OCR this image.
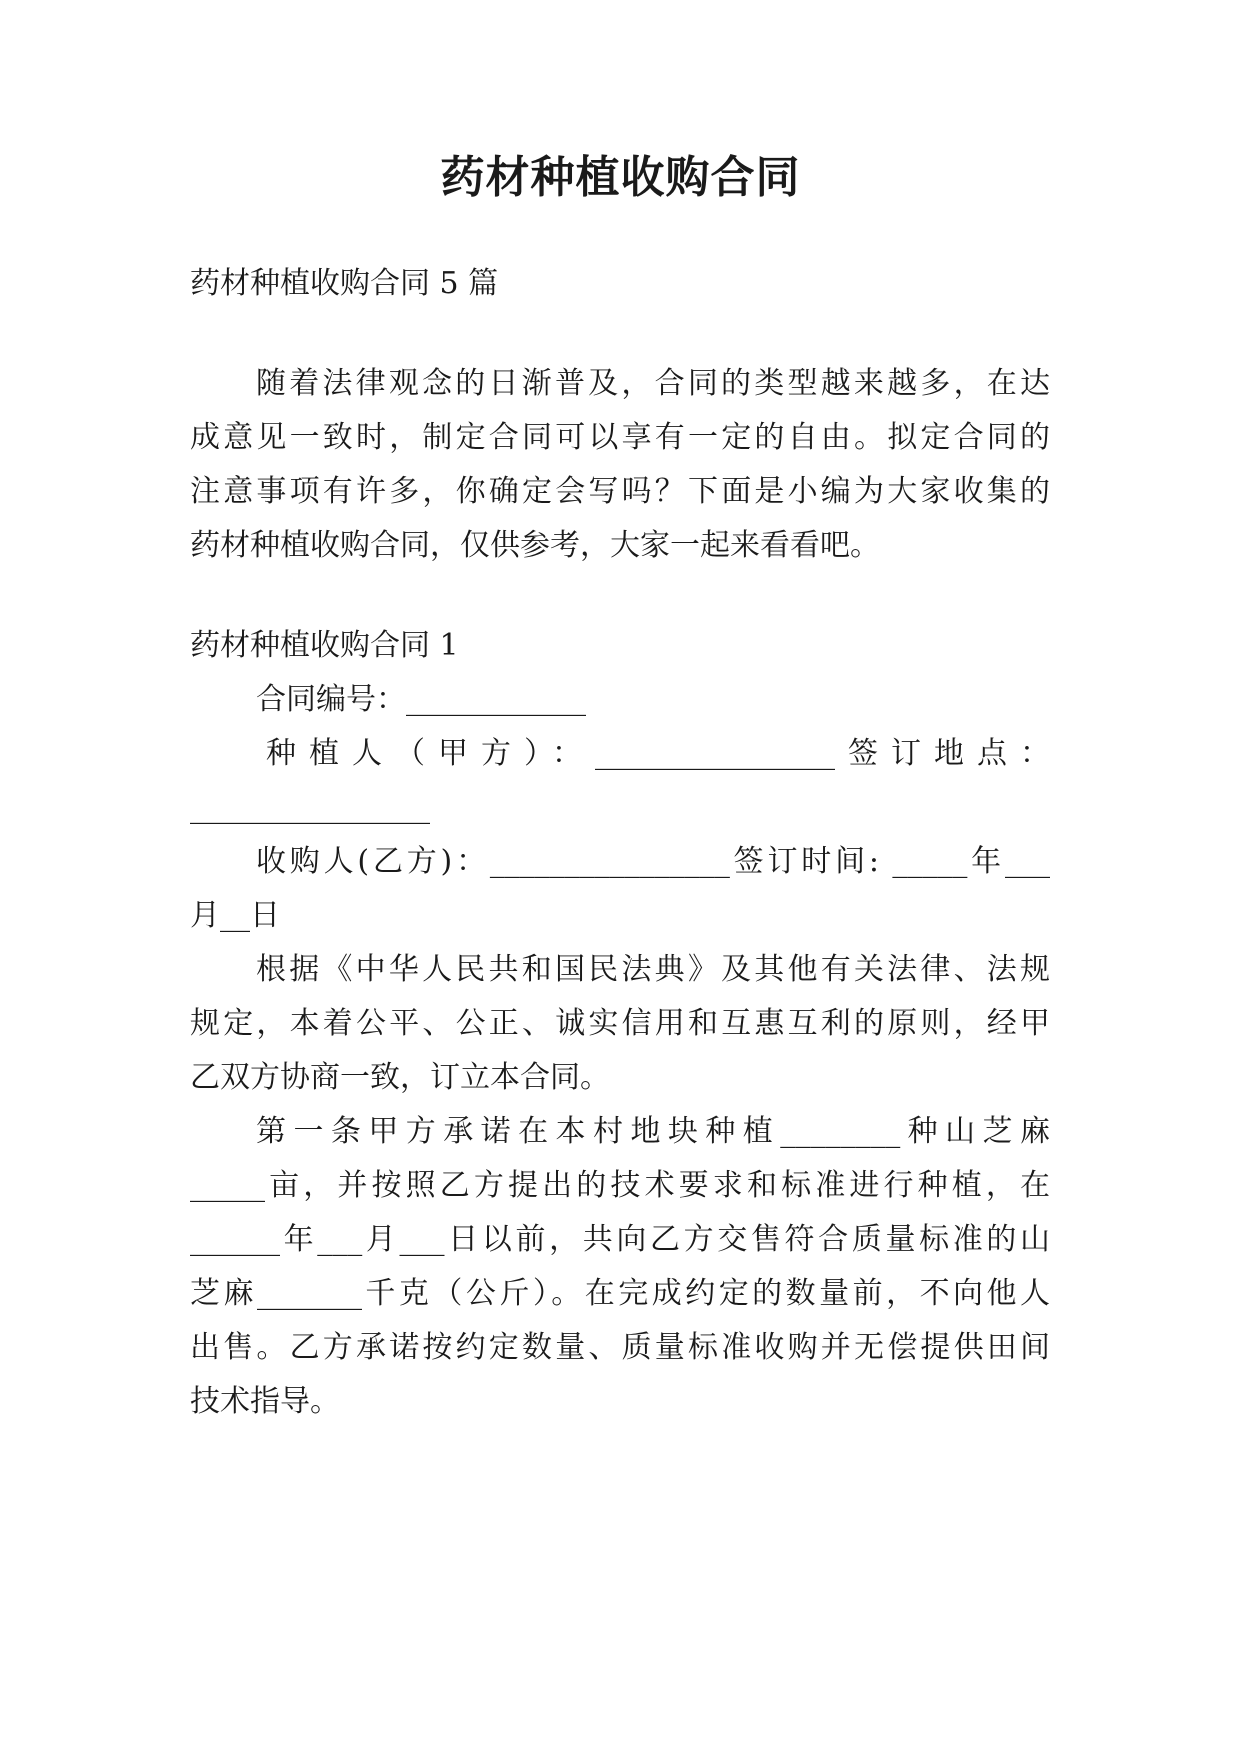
药材种植收购合同

药材种植收购合同 5 篇

随着法律观念的日渐普及，合同的类型越来越多，在达

成意见一致时，制定合同可以享有一定的自由。拟定合同的

注意事项有许多，你确定会写吗？下面是小编为大家收集的

药材种植收购合同，仅供参考，大家一起来看看吧。

药材种植收购合同 1

合同编号：____________

种植人（甲方）：________________签订地点：

________________

收购人(乙方)：________________签订时间: _____年___

月__日

根据《中华人民共和国民法典》及其他有关法律、法规

规定，本着公平、公正、诚实信用和互惠互利的原则，经甲

乙双方协商一致，订立本合同。

第一条甲方承诺在本村地块种植________种山芝麻

_____亩，并按照乙方提出的技术要求和标准进行种植，在

______年___月___日以前，共向乙方交售符合质量标准的山

芝麻_______千克（公斤）。在完成约定的数量前，不向他人

出售。乙方承诺按约定数量、质量标准收购并无偿提供田间

技术指导。
